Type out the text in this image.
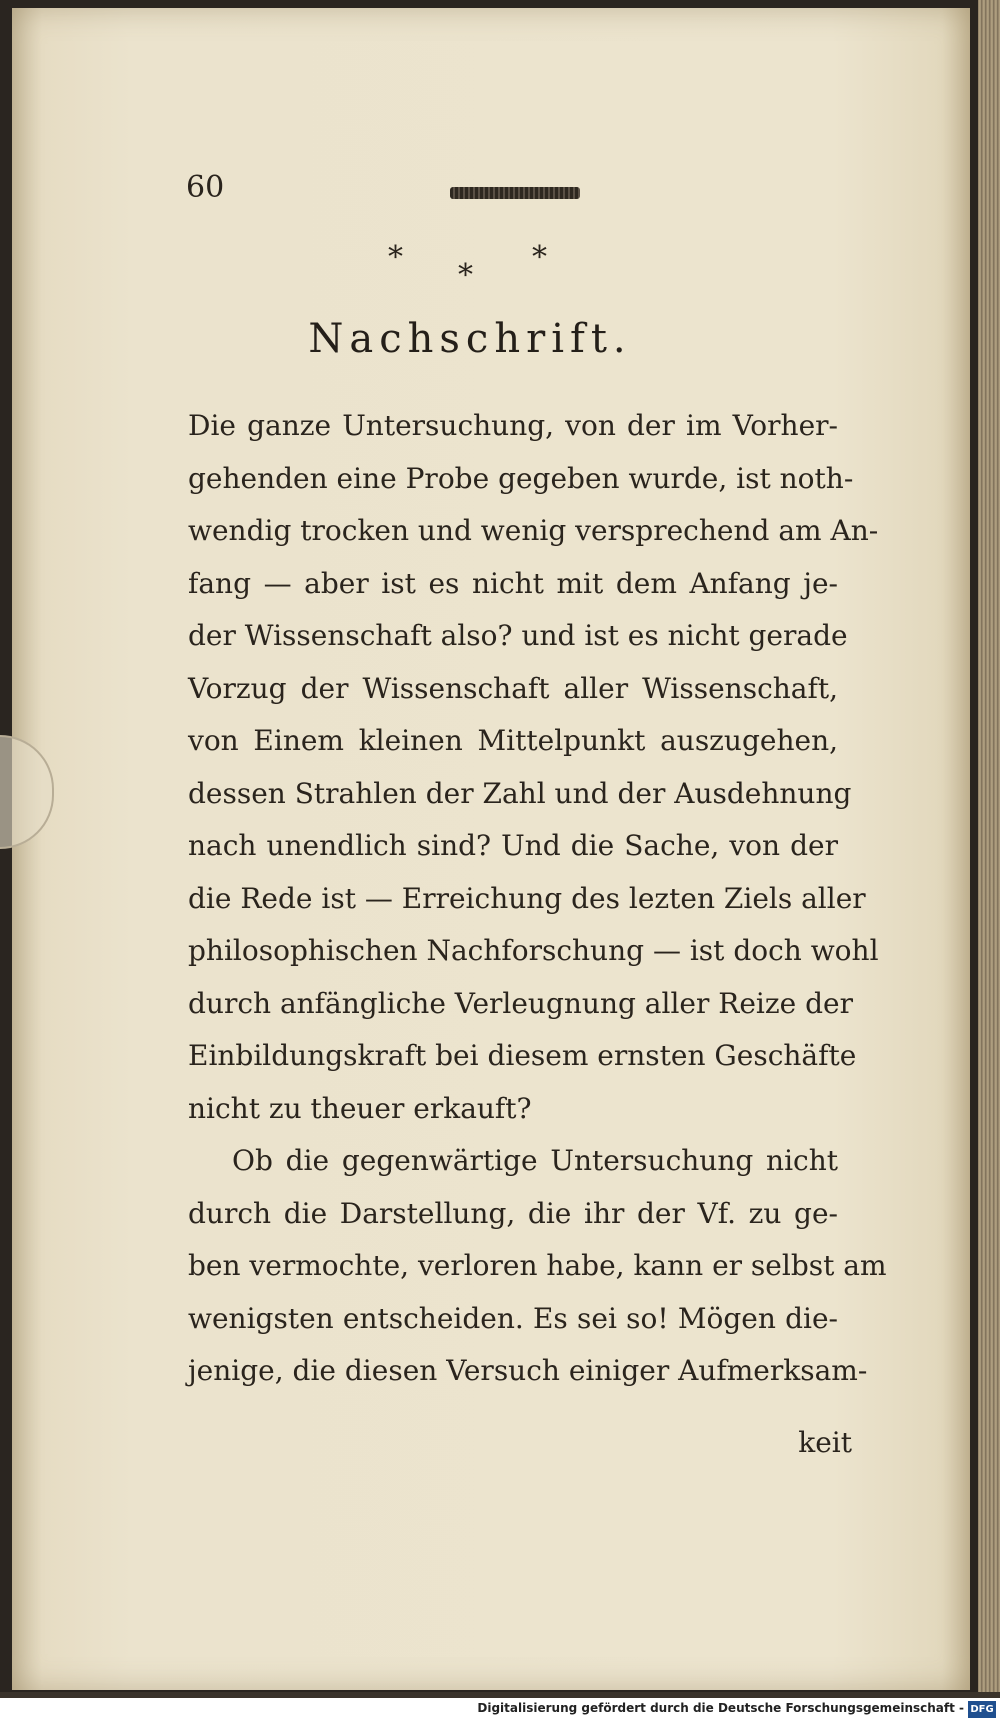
60
*
*
*
Nachschrift.
Die ganze Untersuchung, von der im Vorher-
gehenden eine Probe gegeben wurde, ist noth-
wendig trocken und wenig versprechend am An-
fang — aber ist es nicht mit dem Anfang je-
der Wissenschaft also? und ist es nicht gerade
Vorzug der Wissenschaft aller Wissenschaft,
von Einem kleinen Mittelpunkt auszugehen,
dessen Strahlen der Zahl und der Ausdehnung
nach unendlich sind? Und die Sache, von der
die Rede ist — Erreichung des lezten Ziels aller
philosophischen Nachforschung — ist doch wohl
durch anfängliche Verleugnung aller Reize der
Einbildungskraft bei diesem ernsten Geschäfte
nicht zu theuer erkauft?
Ob die gegenwärtige Untersuchung nicht
durch die Darstellung, die ihr der Vf. zu ge-
ben vermochte, verloren habe, kann er selbst am
wenigsten entscheiden. Es sei so! Mögen die-
jenige, die diesen Versuch einiger Aufmerksam-
keit
Digitalisierung gefördert durch die Deutsche Forschungsgemeinschaft - DFG
